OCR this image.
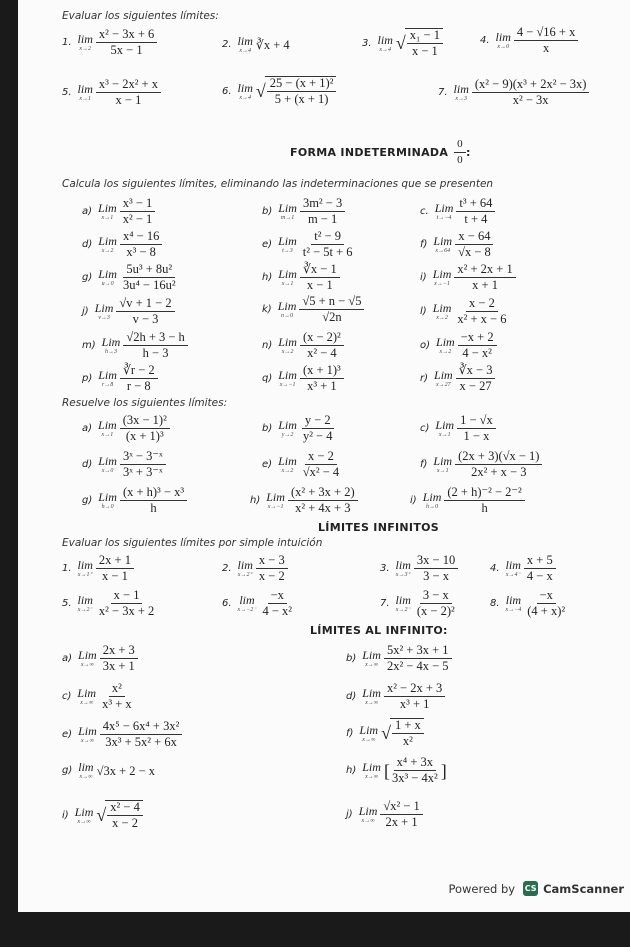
Evaluar los siguientes límites:
1. lim
$x\to 2 \frac{\text{x² − 3x + 6}}{5x - 1}$	2. lim
x→4 ∛x + 4	3. lim
x→4 √ $\frac{\text{x₁ − 1}}{x - 1}$	4. lim
$x\to 0 \frac{4 - √16 + x}{x}$
5. lim
$x\to 1 \frac{\text{x³ − 2x² + x}}{x - 1}$	6. lim
x→4 √ $\frac{\text{25 − (x + 1)²}}{5 + (x + 1)}$	7. lim
$x\to 3 \frac{\text{(x² − 9)(x³ + 2x² − 3x)}}{\text{x² − 3x}}$
FORMA INDETERMINADA $\frac{0}{0}$ :
Calcula los siguientes límites, eliminando las indeterminaciones que se presenten
a) Lim
$x\to 1 \frac{\text{x³ − 1}}{\text{x² − 1}}$	b) Lim
$m\to 1 \frac{\text{3m² − 3}}{m - 1}$	c. Lim
$t\to-4 \frac{\text{t³ + 64}}{t + 4}$
d) Lim
$x\to 2 \frac{\text{x⁴ − 16}}{\text{x³ − 8}}$	e) Lim
$t\to 3 \frac{\text{t² − 9}}{\text{t² − 5t + 6}}$	f) Lim
$x\to 64 \frac{x - 64}{√x - 8}$
g) Lim
$u\to 0 \frac{\text{5u³ + 8u²}}{\text{3u⁴ − 16u²}}$	h) Lim
$x\to 1 \frac{∛x - 1}{x - 1}$	i) Lim
$x\to-1 \frac{\text{x² + 2x + 1}}{x + 1}$
j) Lim
$v\to 3 \frac{√v + 1 - 2}{v - 3}$	k) Lim
$n\to 0 \frac{√5 + n - √5}{√2n}$	l) Lim
$x\to 2 \frac{x - 2}{\text{x² + x − 6}}$
m) Lim
$h\to 3 \frac{√2h + 3 - h}{h - 3}$	n) Lim
$x\to 2 \frac{\text{(x − 2)²}}{\text{x² − 4}}$	o) Lim
$x\to 2 \frac{-x + 2}{\text{4 − x²}}$
p) Lim
$r\to 8 \frac{∛r - 2}{r - 8}$	q) Lim
$x\to-1 \frac{\text{(x + 1)³}}{\text{x³ + 1}}$	r) Lim
$x\to 27 \frac{∛x - 3}{x - 27}$
Resuelve los siguientes límites:
a) Lim
$x\to 1 \frac{\text{(3x − 1)²}}{\text{(x + 1)³}}$	b) Lim
$y\to 2 \frac{y - 2}{\text{y² − 4}}$	c) Lim
$x\to 1 \frac{1 - √x}{1 - x}$
d) Lim
$x\to 0 \frac{\text{3ˣ − 3⁻ˣ}}{\text{3ˣ + 3⁻ˣ}}$	e) Lim
$x\to 2 \frac{x - 2}{\text{√x² − 4}}$	f) Lim
$x\to 1 \frac{(2x + 3)(√x - 1)}{\text{2x² + x − 3}}$
g) Lim
$h\to 0 \frac{\text{(x + h)³ − x³}}{h}$	h) Lim
$x\to-1 \frac{\text{(x² + 3x + 2)}}{\text{x² + 4x + 3}}$	i) Lim
$h\to 0 \frac{\text{(2 + h)⁻² − 2⁻²}}{h}$
LÍMITES INFINITOS
Evaluar los siguientes límites por simple intuición
1. lim
$x\to 1^+ \frac{2x + 1}{x - 1}$	2. lim
$x\to 2^+ \frac{x - 3}{x - 2}$	3. lim
$x\to 3^+ \frac{3x - 10}{3 - x}$	4. lim
$x\to 4^- \frac{x + 5}{4 - x}$
5. lim
$x\to 2^- \frac{x - 1}{\text{x² − 3x + 2}}$	6. lim
$x\to-2^- \frac{-x}{\text{4 − x²}}$	7. lim
$x\to 2^- \frac{3 - x}{\text{(x − 2)²}}$	8. lim
$x\to-4 \frac{-x}{\text{(4 + x)²}}$
LÍMITES AL INFINITO:
a) Lim
$x\to\infty \frac{2x + 3}{3x + 1}$	b) Lim
$x\to\infty \frac{\text{5x² + 3x + 1}}{\text{2x² − 4x − 5}}$
c) Lim
$x\to\infty \frac{\text{x²}}{\text{x³ + x}}$	d) Lim
$x\to\infty \frac{\text{x² − 2x + 3}}{\text{x³ + 1}}$
e) Lim
$x\to\infty \frac{\text{4x⁵ − 6x⁴ + 3x²}}{\text{3x³ + 5x² + 6x}}$	f) Lim
x→∞ √ $\frac{1 + x}{\text{x²}}$
g) lim
x→∞ √3x + 2 − x	h) Lim
x→∞ [ $\frac{\text{x⁴ + 3x}}{\text{3x³ − 4x²}}$ ]
i) Lim
x→∞ √ $\frac{\text{x² − 4}}{x - 2}$	j) Lim
$x\to\infty \frac{\text{√x² − 1}}{2x + 1}$
Powered by CS CamScanner
